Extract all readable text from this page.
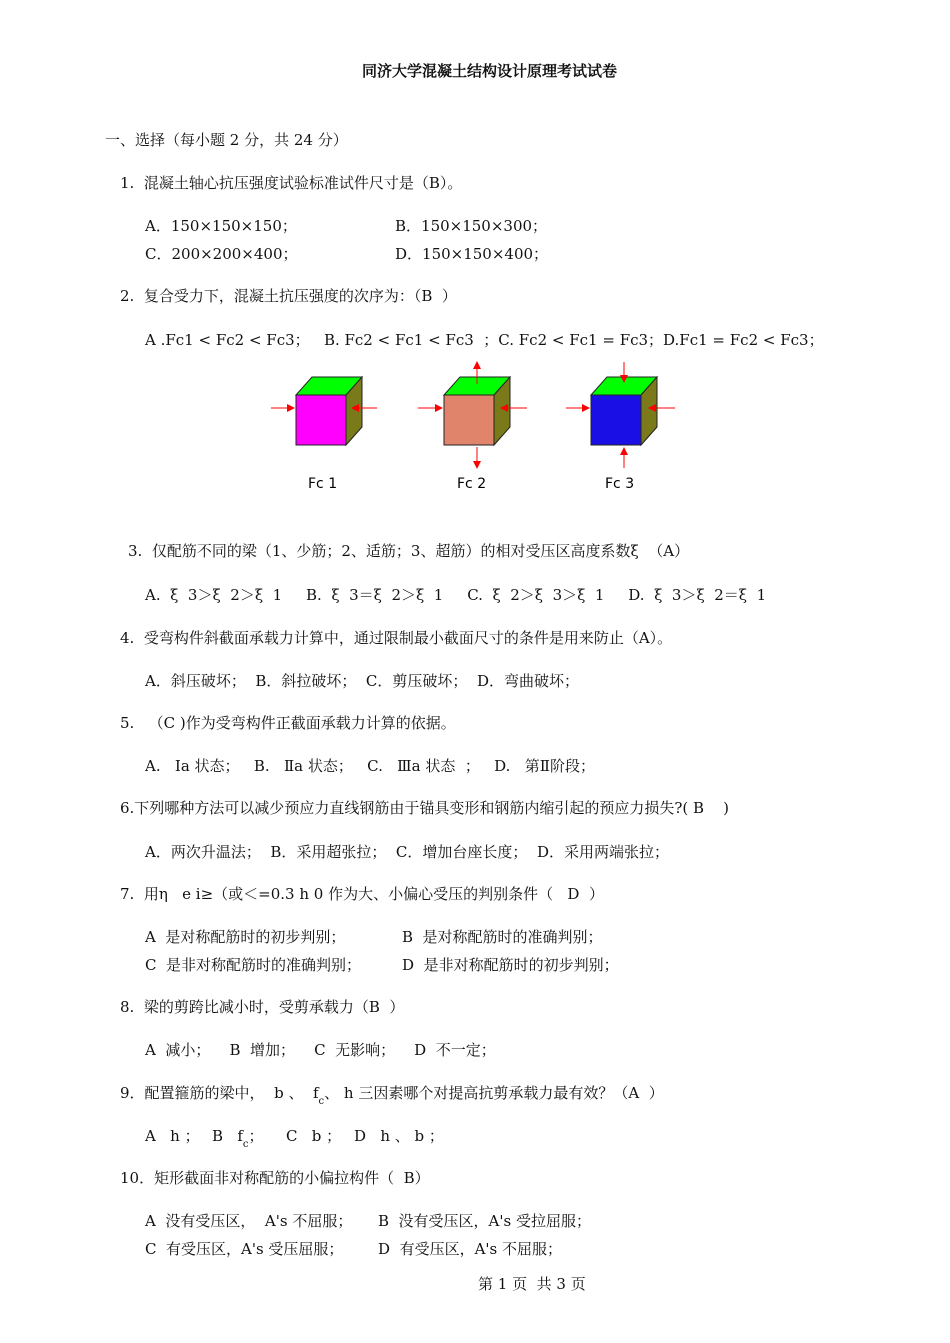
同济大学混凝土结构设计原理考试试卷
一、选择（每小题 2 分，共 24 分）
1.  混凝土轴心抗压强度试验标准试件尺寸是（B）。
A．150×150×150；	B．150×150×300；
C．200×200×400；	D．150×150×400；
2.  复合受力下，混凝土抗压强度的次序为：（B  ）
A .Fc1 < Fc2 < Fc3；   B. Fc2 < Fc1 < Fc3  ；C. Fc2 < Fc1 = Fc3；D.Fc1 = Fc2 < Fc3；
Fc 1	Fc 2	Fc 3
3.  仅配筋不同的梁（1、少筋；2、适筋；3、超筋）的相对受压区高度系数ξ  （A）
A.  ξ  3＞ξ  2＞ξ  1     B.  ξ  3＝ξ  2＞ξ  1     C.  ξ  2＞ξ  3＞ξ  1     D.  ξ  3＞ξ  2＝ξ  1
4.  受弯构件斜截面承载力计算中，通过限制最小截面尺寸的条件是用来防止（A）。
A．斜压破坏；  B．斜拉破坏；  C．剪压破坏；  D．弯曲破坏；
5.   （C )作为受弯构件正截面承载力计算的依据。
A.   Ⅰa 状态；   B.   Ⅱa 状态；   C.   Ⅲa 状态  ；   D.   第Ⅱ阶段；
6.下列哪种方法可以减少预应力直线钢筋由于锚具变形和钢筋内缩引起的预应力损失?( B    )
A．两次升温法；  B．采用超张拉；  C．增加台座长度；  D．采用两端张拉；
7.  用η   e i≥（或＜=0.3 h 0 作为大、小偏心受压的判别条件（   D  ）
A  是对称配筋时的初步判别；	B  是对称配筋时的准确判别；
C  是非对称配筋时的准确判别；	D  是非对称配筋时的初步判别；
8.  梁的剪跨比减小时，受剪承载力（B  ）
A  减小；    B  增加；    C  无影响；    D  不一定；
9．配置箍筋的梁中，  b 、  $f_c$、 h 三因素哪个对提高抗剪承载力最有效？（A  ）
A   h ； B   $f_c$； C   b ； D   h 、 b ；
10．矩形截面非对称配筋的小偏拉构件（  B）
A  没有受压区，  A's 不屈服； B  没有受压区，A's 受拉屈服；
C  有受压区，A's 受压屈服； D  有受压区，A's 不屈服；
第 1 页  共 3 页
